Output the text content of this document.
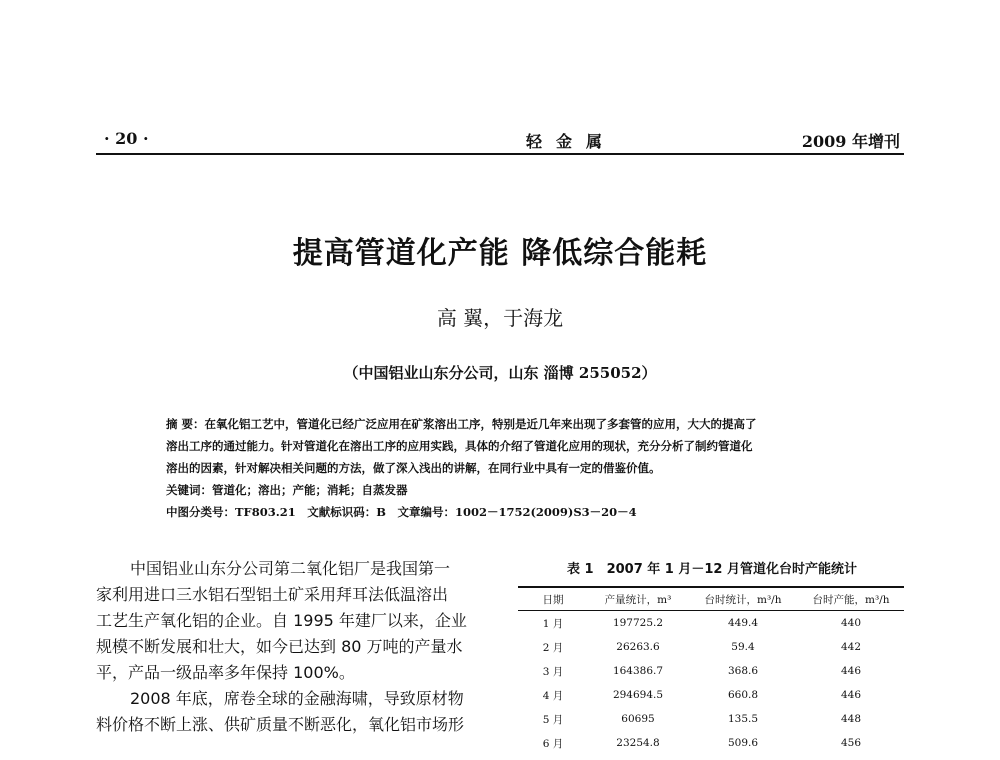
· 20 ·	轻金属	2009 年增刊
提高管道化产能 降低综合能耗
高 翼，于海龙
（中国铝业山东分公司，山东 淄博 255052）
摘 要：在氧化铝工艺中，管道化已经广泛应用在矿浆溶出工序，特别是近几年来出现了多套管的应用，大大的提高了
溶出工序的通过能力。针对管道化在溶出工序的应用实践，具体的介绍了管道化应用的现状，充分分析了制约管道化
溶出的因素，针对解决相关问题的方法，做了深入浅出的讲解，在同行业中具有一定的借鉴价值。
关键词：管道化；溶出；产能；消耗；自蒸发器
中图分类号：TF803.21　文献标识码：B　文章编号：1002－1752(2009)S3－20－4
中国铝业山东分公司第二氧化铝厂是我国第一
家利用进口三水铝石型铝土矿采用拜耳法低温溶出
工艺生产氧化铝的企业。自 1995 年建厂以来，企业
规模不断发展和壮大，如今已达到 80 万吨的产量水
平，产品一级品率多年保持 100%。
2008 年底，席卷全球的金融海啸，导致原材物
料价格不断上涨、供矿质量不断恶化，氧化铝市场形
表 1　2007 年 1 月－12 月管道化台时产能统计
日期	产量统计，m³	台时统计，m³/h	台时产能，m³/h
1 月	197725.2	449.4	440
2 月	26263.6	59.4	442
3 月	164386.7	368.6	446
4 月	294694.5	660.8	446
5 月	60695	135.5	448
6 月	23254.8	509.6	456
